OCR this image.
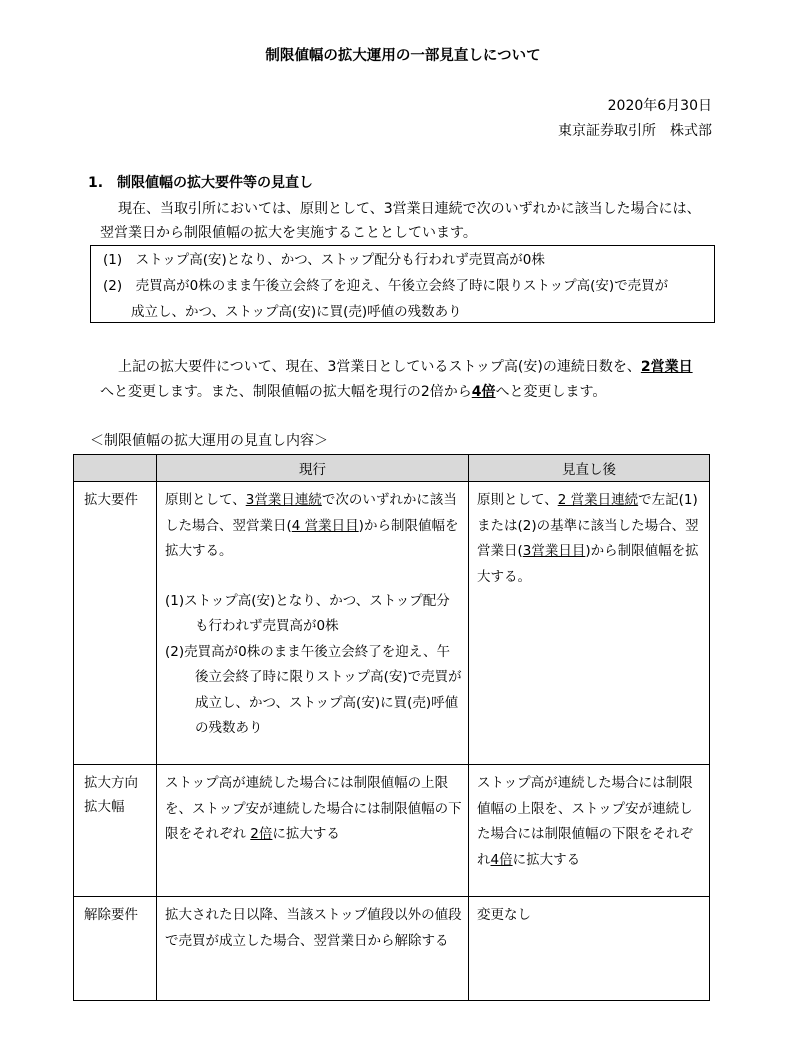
制限値幅の拡大運用の一部見直しについて
2020年6月30日
東京証券取引所　株式部
1.　制限値幅の拡大要件等の見直し
現在、当取引所においては、原則として、3営業日連続で次のいずれかに該当した場合には、
翌営業日から制限値幅の拡大を実施することとしています。
(1)　ストップ高(安)となり、かつ、ストップ配分も行われず売買高が0株
(2)　売買高が0株のまま午後立会終了を迎え、午後立会終了時に限りストップ高(安)で売買が
成立し、かつ、ストップ高(安)に買(売)呼値の残数あり
上記の拡大要件について、現在、3営業日としているストップ高(安)の連続日数を、2営業日
へと変更します。また、制限値幅の拡大幅を現行の2倍から4倍へと変更します。
＜制限値幅の拡大運用の見直し内容＞
	現行	見直し後
拡大要件	原則として、3営業日連続で次のいずれかに該当した場合、翌営業日(4 営業日目)から制限値幅を拡大する。
(1)ストップ高(安)となり、かつ、ストップ配分も行われず売買高が0株
(2)売買高が0株のまま午後立会終了を迎え、午後立会終了時に限りストップ高(安)で売買が成立し、かつ、ストップ高(安)に買(売)呼値の残数あり	原則として、2 営業日連続で左記(1)または(2)の基準に該当した場合、翌営業日(3営業日目)から制限値幅を拡大する。

拡大方向
拡大幅	ストップ高が連続した場合には制限値幅の上限を、ストップ安が連続した場合には制限値幅の下限をそれぞれ 2倍に拡大する	ストップ高が連続した場合には制限値幅の上限を、ストップ安が連続した場合には制限値幅の下限をそれぞれ4倍に拡大する
解除要件	拡大された日以降、当該ストップ値段以外の値段で売買が成立した場合、翌営業日から解除する	変更なし
